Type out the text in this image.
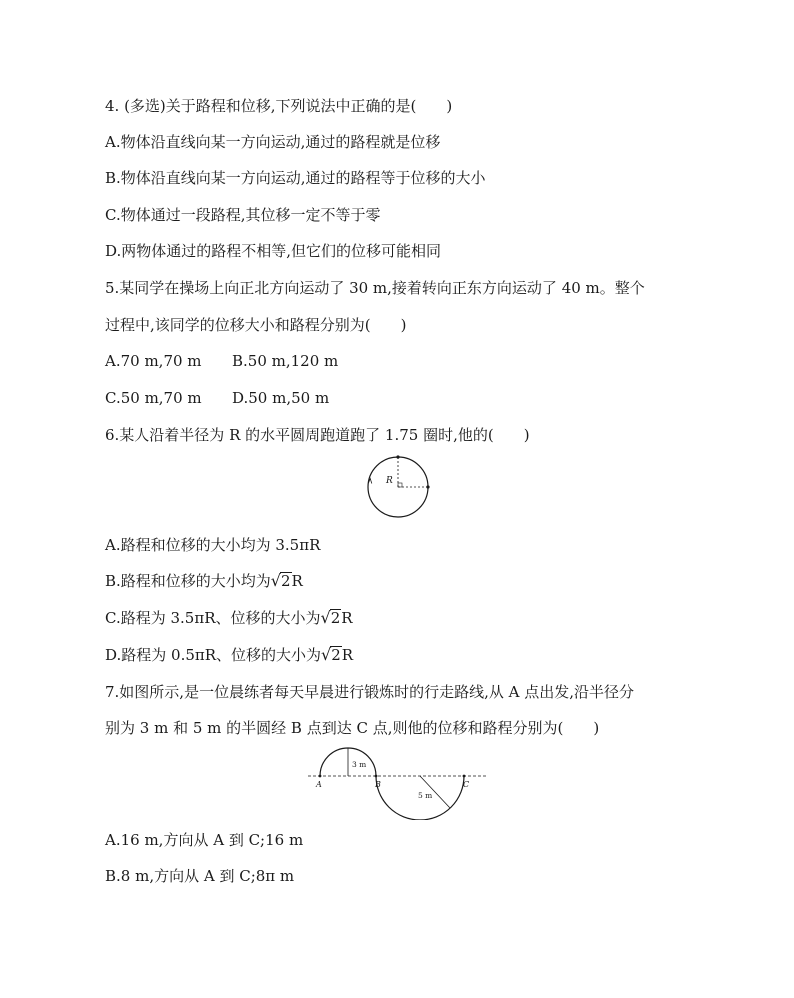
4. (多选)关于路程和位移,下列说法中正确的是(　　)
A.物体沿直线向某一方向运动,通过的路程就是位移
B.物体沿直线向某一方向运动,通过的路程等于位移的大小
C.物体通过一段路程,其位移一定不等于零
D.两物体通过的路程不相等,但它们的位移可能相同
5.某同学在操场上向正北方向运动了 30 m,接着转向正东方向运动了 40 m。整个
过程中,该同学的位移大小和路程分别为(　　)
A.70 m,70 m B.50 m,120 m
C.50 m,70 m D.50 m,50 m
6.某人沿着半径为 R 的水平圆周跑道跑了 1.75 圈时,他的(　　)
R
A.路程和位移的大小均为 3.5πR
B.路程和位移的大小均为√2R
C.路程为 3.5πR、位移的大小为√2R
D.路程为 0.5πR、位移的大小为√2R
7.如图所示,是一位晨练者每天早晨进行锻炼时的行走路线,从 A 点出发,沿半径分
别为 3 m 和 5 m 的半圆经 B 点到达 C 点,则他的位移和路程分别为(　　)
A	B	C
3 m
5 m
A.16 m,方向从 A 到 C;16 m
B.8 m,方向从 A 到 C;8π m
